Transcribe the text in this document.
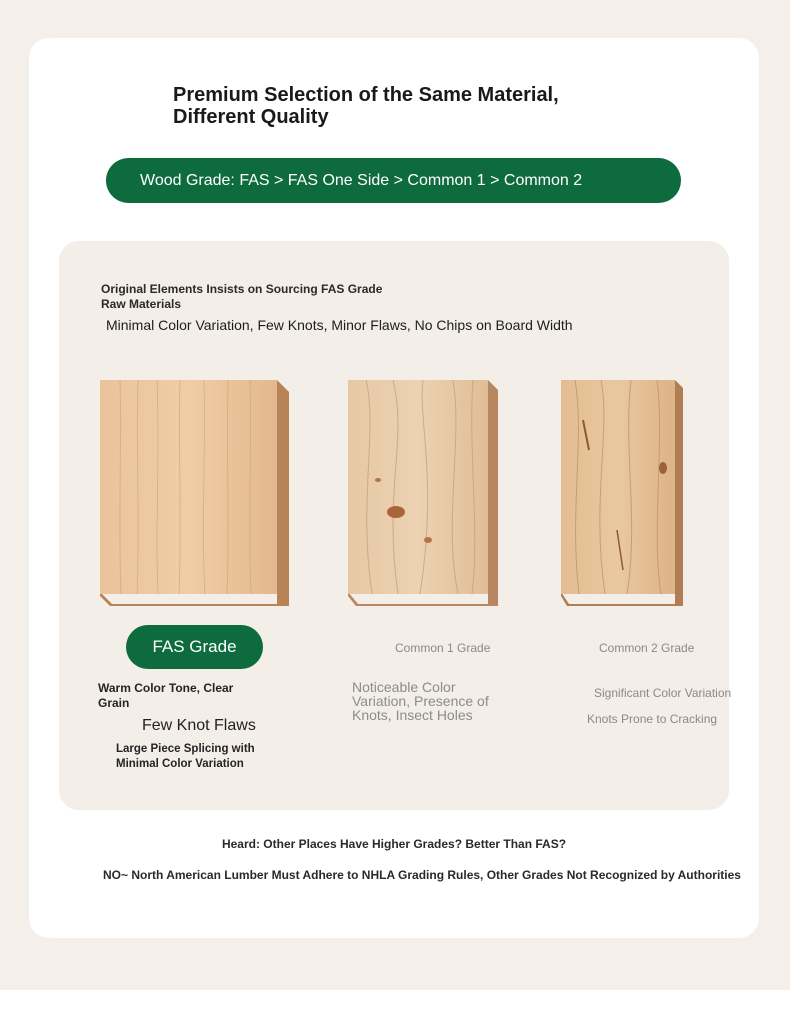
Premium Selection of the Same Material, Different Quality
Wood Grade: FAS > FAS One Side > Common 1 > Common 2
Original Elements Insists on Sourcing FAS Grade Raw Materials
Minimal Color Variation, Few Knots, Minor Flaws, No Chips on Board Width
FAS Grade	Common 1 Grade	Common 2 Grade
Warm Color Tone, Clear Grain
Few Knot Flaws
Large Piece Splicing with Minimal Color Variation
Noticeable Color Variation, Presence of Knots, Insect Holes
Significant Color Variation
Knots Prone to Cracking
Heard: Other Places Have Higher Grades? Better Than FAS?
NO~ North American Lumber Must Adhere to NHLA Grading Rules, Other Grades Not Recognized by Authorities
